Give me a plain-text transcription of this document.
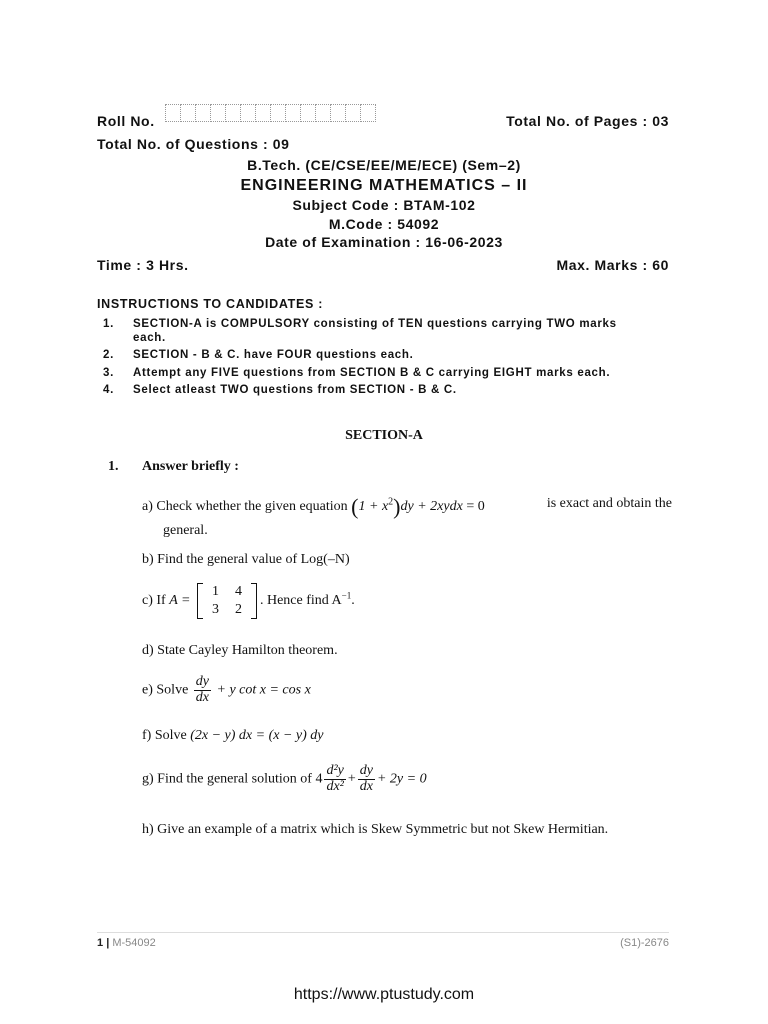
Roll No.	Total No. of Pages : 03
Total No. of Questions : 09
B.Tech. (CE/CSE/EE/ME/ECE) (Sem–2)
ENGINEERING MATHEMATICS – II
Subject Code : BTAM-102
M.Code : 54092
Date of Examination : 16-06-2023
Time : 3 Hrs.	Max. Marks : 60
INSTRUCTIONS TO CANDIDATES :
1. SECTION-A is COMPULSORY consisting of TEN questions carrying TWO marks
each.
2. SECTION - B & C. have FOUR questions each.
3. Attempt any FIVE questions from SECTION B & C carrying EIGHT marks each.
4. Select atleast TWO questions from SECTION - B & C.
SECTION-A
1. Answer briefly :
a) Check whether the given equation $(1 + x^2)dy$ + 2xydx = 0	is exact and obtain the
general.
b) Find the general value of Log(–N)
c) If A =
1	4
3	2
. Hence find $A^{-1}$.
d) State Cayley Hamilton theorem.
e) Solve $\frac{dy}{dx} + y$ cot x = cos x
f) Solve (2x − y) dx = (x − y) dy
g) Find the general solution of $4 \frac{\text{d²y}}{\text{dx²}} + \frac{dy}{dx} + 2y = 0$
h) Give an example of a matrix which is Skew Symmetric but not Skew Hermitian.
1 | M-54092	(S1)-2676
https://www.ptustudy.com
